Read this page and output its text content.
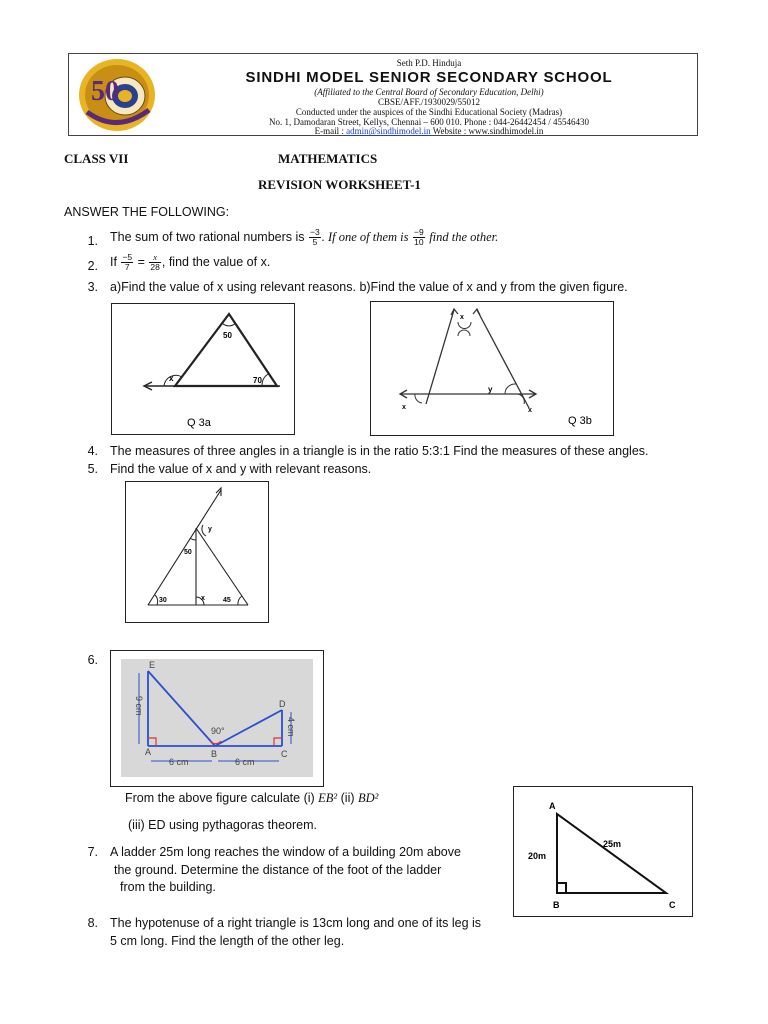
50
Seth P.D. Hinduja
SINDHI MODEL SENIOR SECONDARY SCHOOL
(Affiliated to the Central Board of Secondary Education, Delhi)
CBSE/AFF./1930029/55012
Conducted under the auspices of the Sindhi Educational Society (Madras)
No. 1, Damodaran Street, Kellys, Chennai – 600 010. Phone : 044-26442454 / 45546430
E-mail : admin@sindhimodel.in Website : www.sindhimodel.in
CLASS VII	MATHEMATICS
REVISION WORKSHEET-1
ANSWER THE FOLLOWING:
1. The sum of two rational numbers is $\frac{-3}{5}$ . If one of them is $\frac{-9}{10}$ find the other.
2. If $\frac{-5}{7} = \frac{x}{28}$ , find the value of x.
3. a)Find the value of x using relevant reasons. b)Find the value of x and y from the given figure.
50
70
x
Q 3a
x
x	x
y
Q 3b
4. The measures of three angles in a triangle is in the ratio 5:3:1 Find the measures of these angles.
5. Find the value of x and y with relevant reasons.
y
50
30	x	45
6.	E
A	B	C
D
90°
6 cm	6 cm
9 cm
4 cm
From the above figure calculate (i) EB² (ii) BD²
(iii) ED using pythagoras theorem.
7. A ladder 25m long reaches the window of a building 20m above
the ground. Determine the distance of the foot of the ladder
from the building.
A
B	C
20m
25m
8. The hypotenuse of a right triangle is 13cm long and one of its leg is
5 cm long. Find the length of the other leg.
